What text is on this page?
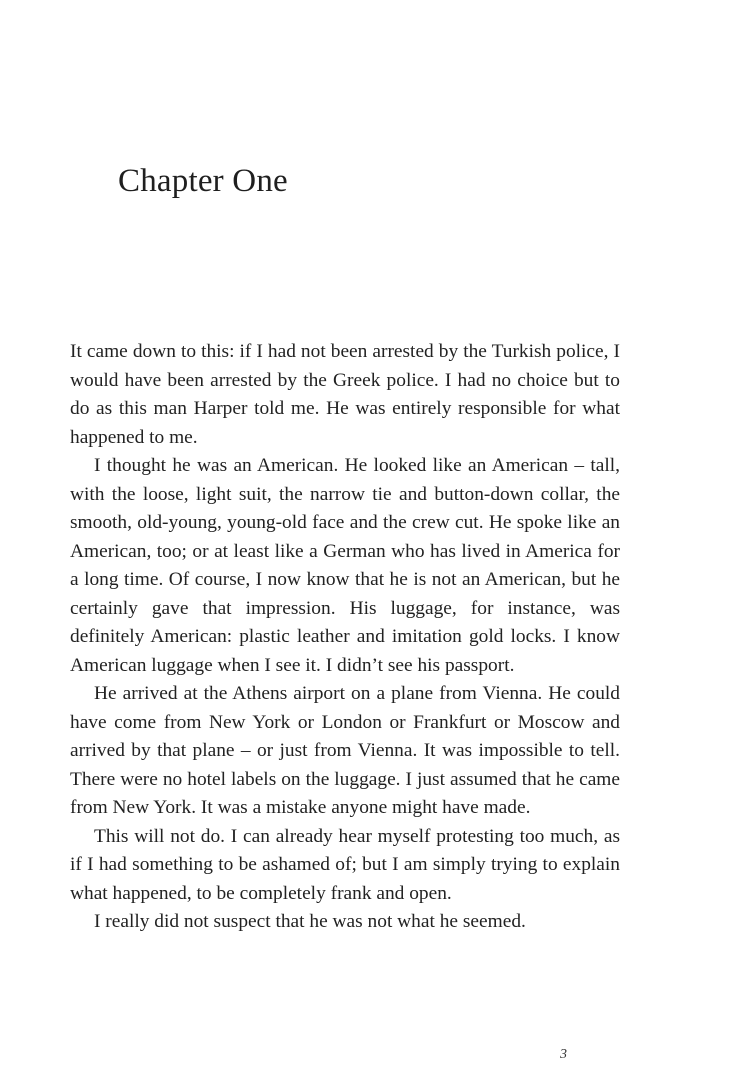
Chapter One

It came down to this: if I had not been arrested by the Turkish police, I would have been arrested by the Greek police. I had no choice but to do as this man Harper told me. He was entirely responsible for what happened to me.

I thought he was an American. He looked like an American – tall, with the loose, light suit, the narrow tie and button-down collar, the smooth, old-young, young-old face and the crew cut. He spoke like an American, too; or at least like a German who has lived in America for a long time. Of course, I now know that he is not an American, but he certainly gave that impression. His luggage, for instance, was definitely American: plastic leather and imitation gold locks. I know American luggage when I see it. I didn’t see his passport.

He arrived at the Athens airport on a plane from Vienna. He could have come from New York or London or Frankfurt or Moscow and arrived by that plane – or just from Vienna. It was impossible to tell. There were no hotel labels on the luggage. I just assumed that he came from New York. It was a mistake anyone might have made.

This will not do. I can already hear myself protesting too much, as if I had something to be ashamed of; but I am simply trying to explain what happened, to be completely frank and open.

I really did not suspect that he was not what he seemed.

3
